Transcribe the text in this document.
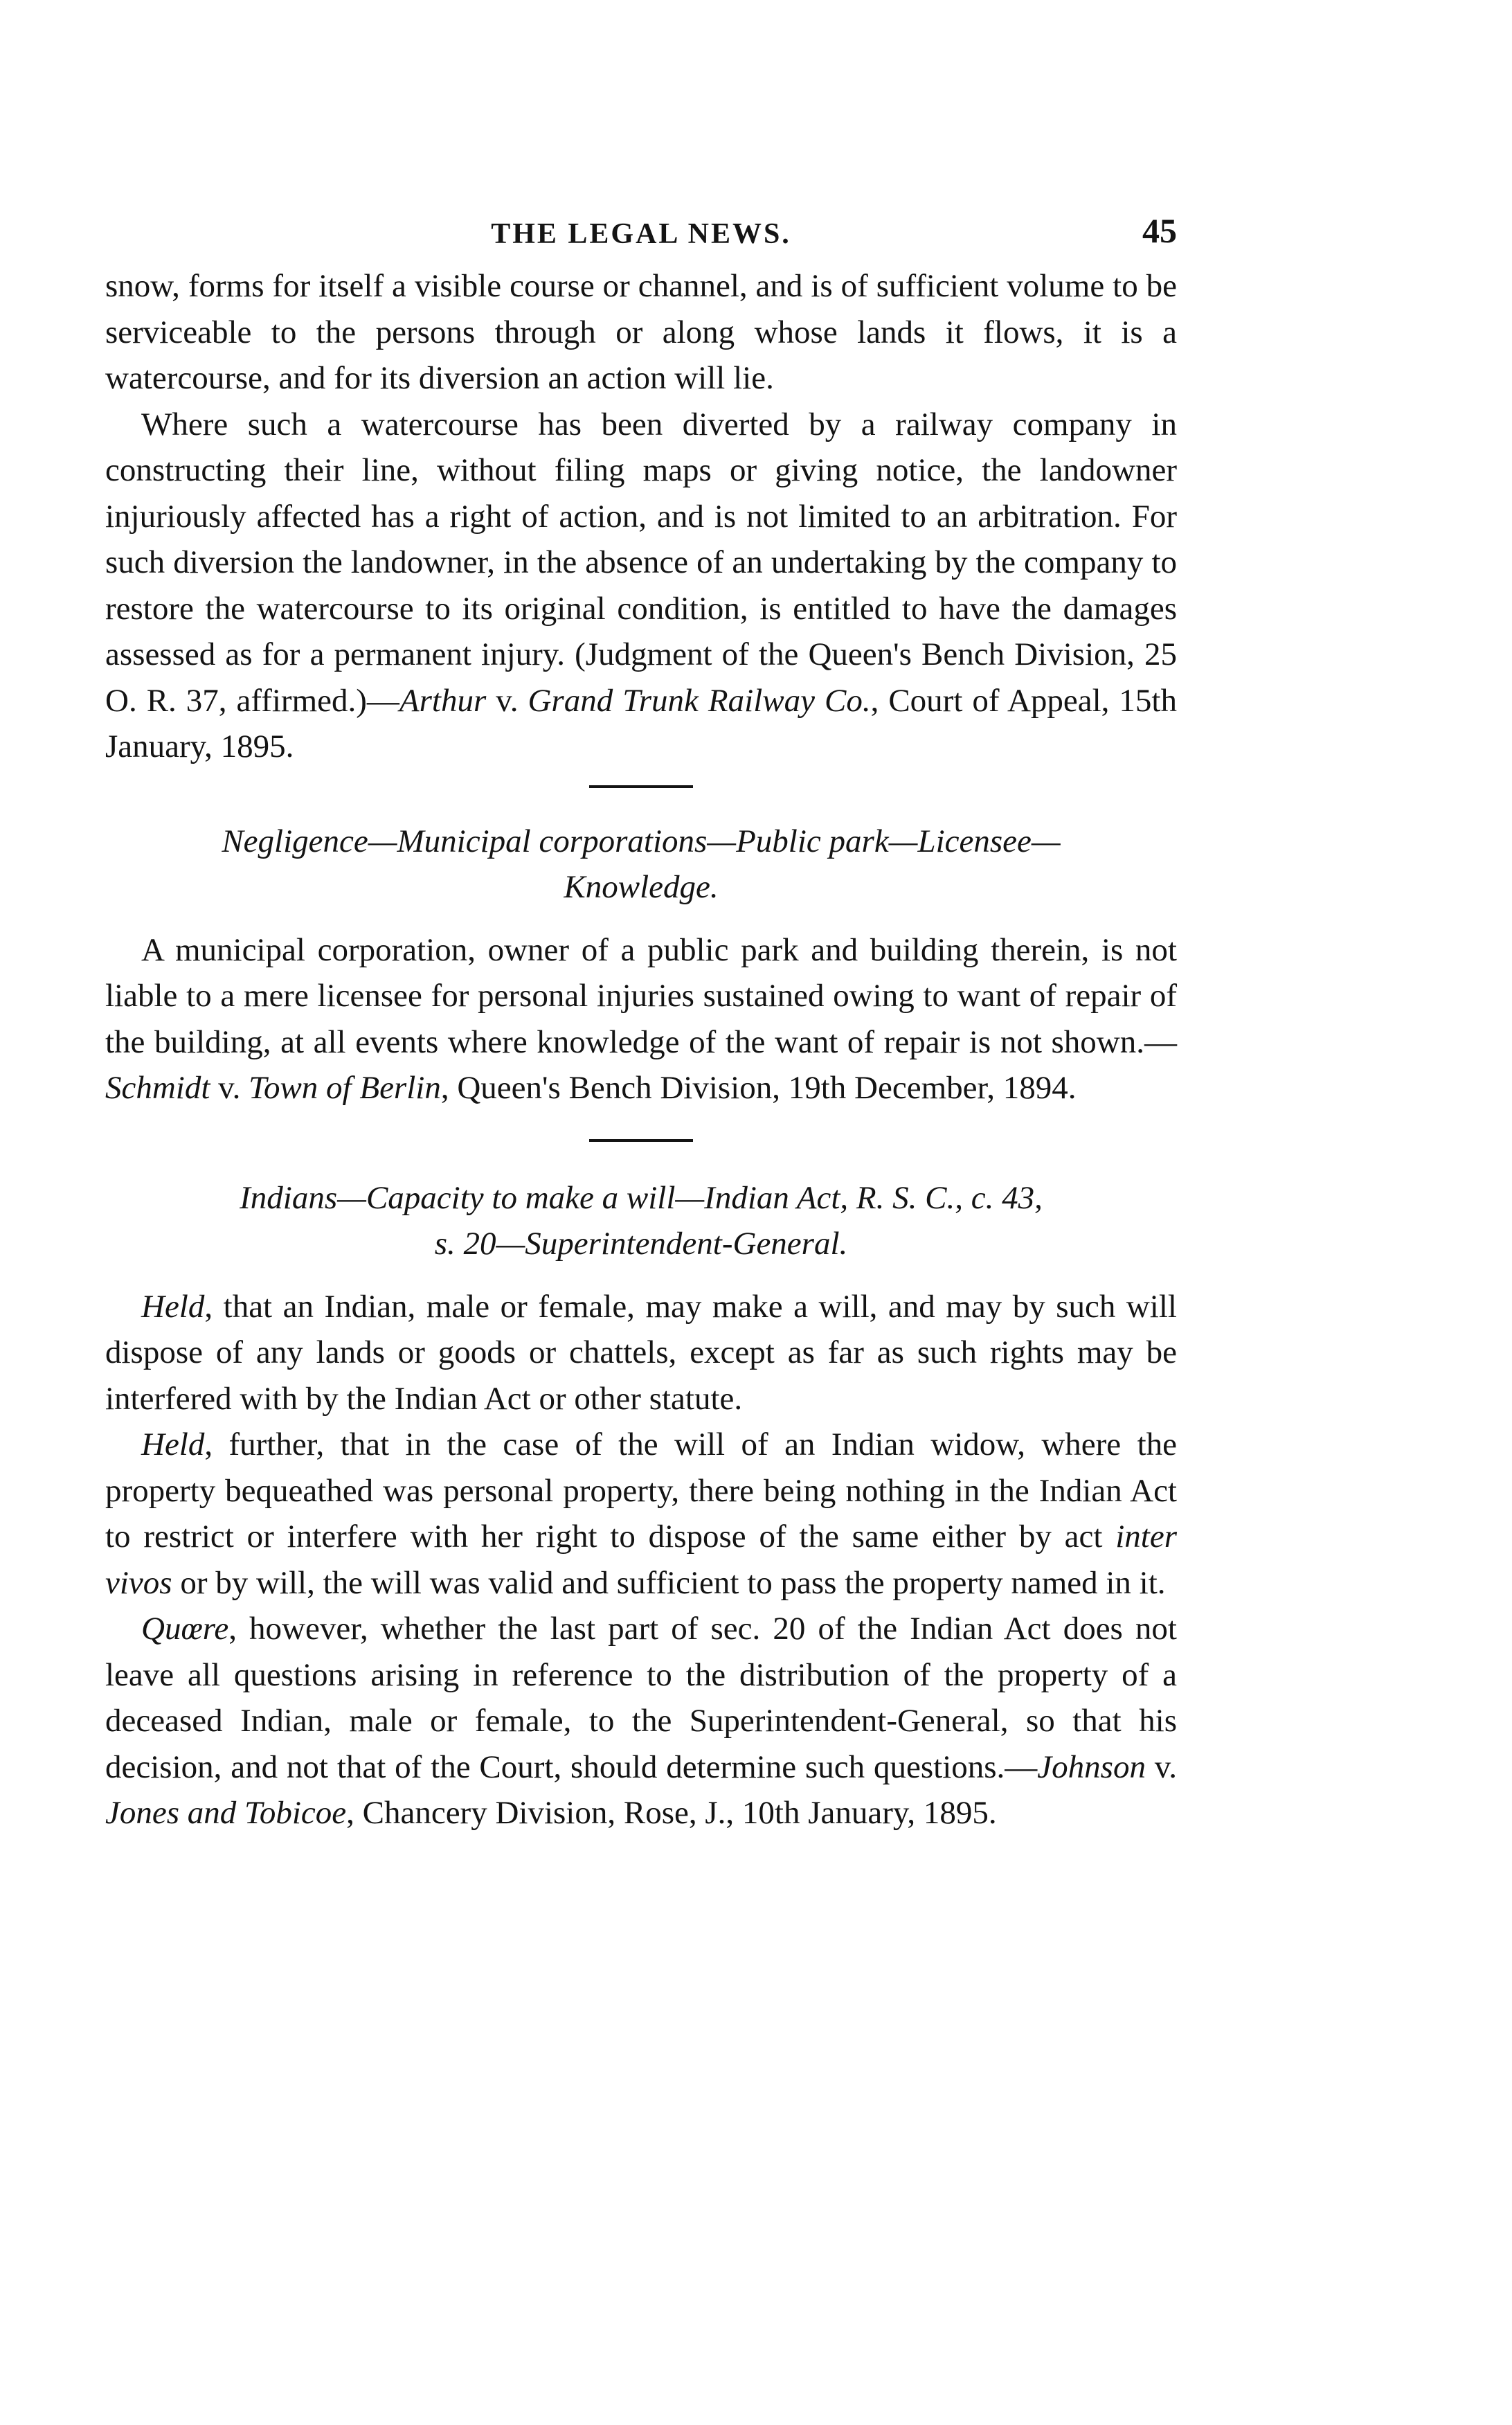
THE LEGAL NEWS.	45

snow, forms for itself a visible course or channel, and is of sufficient volume to be serviceable to the persons through or along whose lands it flows, it is a watercourse, and for its diversion an action will lie.

Where such a watercourse has been diverted by a railway company in constructing their line, without filing maps or giving notice, the landowner injuriously affected has a right of action, and is not limited to an arbitration. For such diversion the landowner, in the absence of an undertaking by the company to restore the watercourse to its original condition, is entitled to have the damages assessed as for a permanent injury. (Judgment of the Queen's Bench Division, 25 O. R. 37, affirmed.)—Arthur v. Grand Trunk Railway Co., Court of Appeal, 15th January, 1895.

Negligence—Municipal corporations—Public park—Licensee—
Knowledge.

A municipal corporation, owner of a public park and building therein, is not liable to a mere licensee for personal injuries sustained owing to want of repair of the building, at all events where knowledge of the want of repair is not shown.—Schmidt v. Town of Berlin, Queen's Bench Division, 19th December, 1894.

Indians—Capacity to make a will—Indian Act, R. S. C., c. 43,
s. 20—Superintendent-General.

Held, that an Indian, male or female, may make a will, and may by such will dispose of any lands or goods or chattels, except as far as such rights may be interfered with by the Indian Act or other statute.

Held, further, that in the case of the will of an Indian widow, where the property bequeathed was personal property, there being nothing in the Indian Act to restrict or interfere with her right to dispose of the same either by act inter vivos or by will, the will was valid and sufficient to pass the property named in it.

Quœre, however, whether the last part of sec. 20 of the Indian Act does not leave all questions arising in reference to the distribution of the property of a deceased Indian, male or female, to the Superintendent-General, so that his decision, and not that of the Court, should determine such questions.—Johnson v. Jones and Tobicoe, Chancery Division, Rose, J., 10th January, 1895.
